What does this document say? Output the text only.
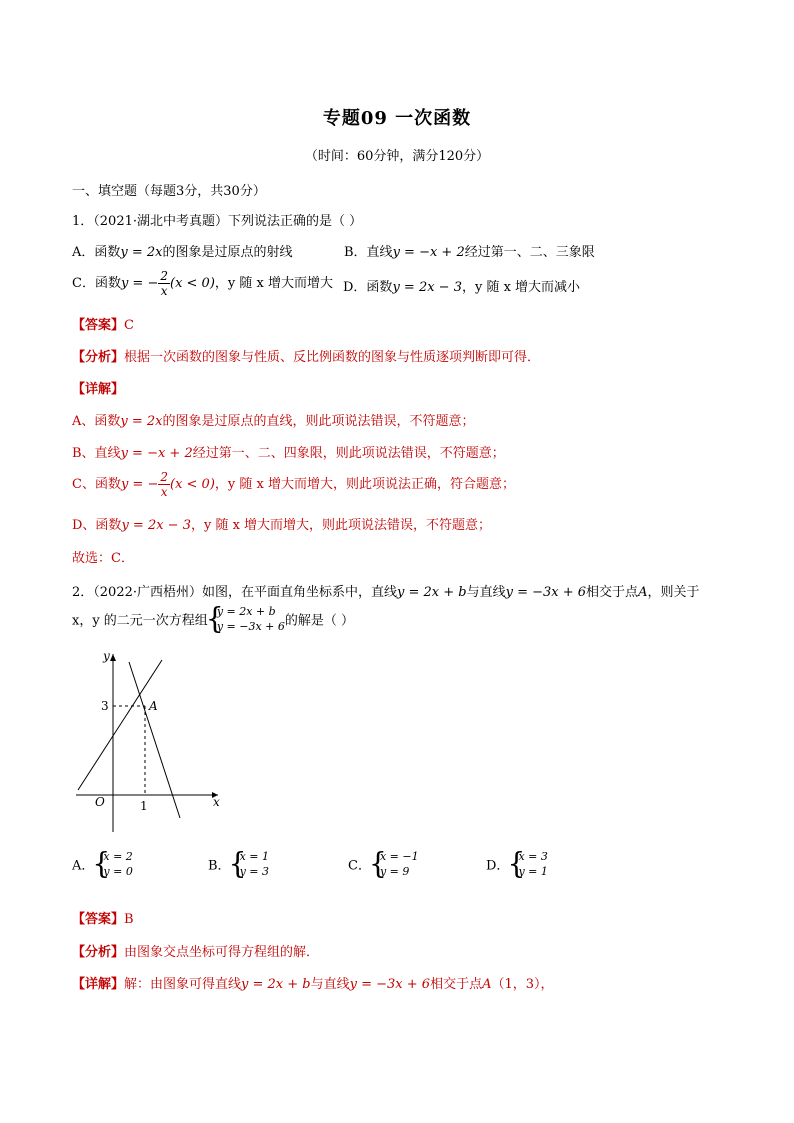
专题09 一次函数
（时间：60分钟，满分120分）
一、填空题（每题3分，共30分）
1．（2021·湖北中考真题）下列说法正确的是（ ）
A．函数y = 2x的图象是过原点的射线	B．直线y = −x + 2经过第一、二、三象限
C．函数y = − $\frac{2}{x} (x < 0)$，y 随 x 增大而增大 D．函数y = 2x − 3，y 随 x 增大而减小
【答案】C
【分析】根据一次函数的图象与性质、反比例函数的图象与性质逐项判断即可得．
【详解】
A、函数y = 2x的图象是过原点的直线，则此项说法错误，不符题意；
B、直线y = −x + 2经过第一、二、四象限，则此项说法错误，不符题意；
C、函数y = − $\frac{2}{x} (x < 0)$，y 随 x 增大而增大，则此项说法正确，符合题意；
D、函数y = 2x − 3，y 随 x 增大而增大，则此项说法错误，不符题意；
故选：C．
2．（2022·广西梧州）如图，在平面直角坐标系中，直线y = 2x + b与直线y = −3x + 6相交于点A，则关于
x，y 的二元一次方程组
{ y = 2x + b
y = −3x + 6 的解是（ ）
y
x
O
3
1
A
A．
{ x = 2
y = 0	B．
{ x = 1
y = 3	C．
{ x = −1
y = 9	D．
{ x = 3
y = 1
【答案】B
【分析】由图象交点坐标可得方程组的解．
【详解】解：由图象可得直线y = 2x + b与直线y = −3x + 6相交于点A（1，3），
